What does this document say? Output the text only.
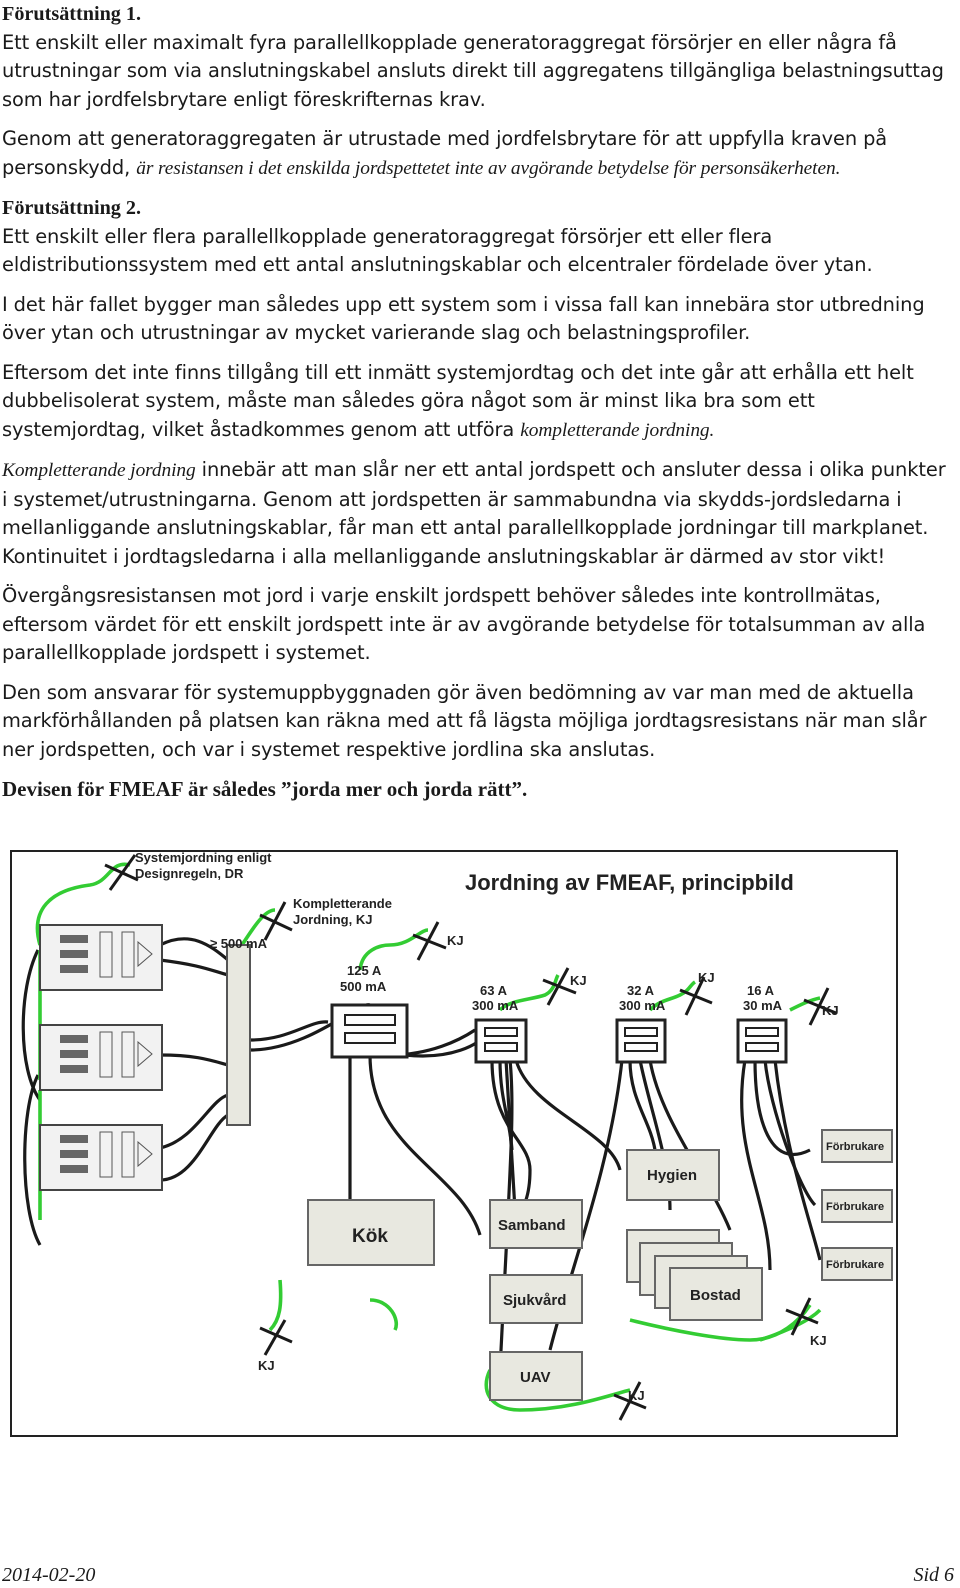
Förutsättning 1.

Ett enskilt eller maximalt fyra parallellkopplade generatoraggregat försörjer en eller några få utrustningar som via anslutningskabel ansluts direkt till aggregatens tillgängliga belastningsuttag som har jordfelsbrytare enligt föreskrifternas krav.

Genom att generatoraggregaten är utrustade med jordfelsbrytare för att uppfylla kraven på personskydd, är resistansen i det enskilda jordspettetet inte av avgörande betydelse för personsäkerheten.

Förutsättning 2.

Ett enskilt eller flera parallellkopplade generatoraggregat försörjer ett eller flera eldistributionssystem med ett antal anslutningskablar och elcentraler fördelade över ytan.

I det här fallet bygger man således upp ett system som i vissa fall kan innebära stor utbredning över ytan och utrustningar av mycket varierande slag och belastningsprofiler.

Eftersom det inte finns tillgång till ett inmätt systemjordtag och det inte går att erhålla ett helt dubbelisolerat system, måste man således göra något som är minst lika bra som ett systemjordtag, vilket åstadkommes genom att utföra kompletterande jordning.

Kompletterande jordning innebär att man slår ner ett antal jordspett och ansluter dessa i olika punkter i systemet/utrustningarna. Genom att jordspetten är sammabundna via skydds-jordsledarna i mellanliggande anslutningskablar, får man ett antal parallellkopplade jordningar till markplanet. Kontinuitet i jordtagsledarna i alla mellanliggande anslutningskablar är därmed av stor vikt!

Övergångsresistansen mot jord i varje enskilt jordspett behöver således inte kontrollmätas, eftersom värdet för ett enskilt jordspett inte är av avgörande betydelse för totalsumman av alla parallellkopplade jordspett i systemet.

Den som ansvarar för systemuppbyggnaden gör även bedömning av var man med de aktuella markförhållanden på platsen kan räkna med att få lägsta möjliga jordtagsresistans när man slår ner jordspetten, och var i systemet respektive jordlina ska anslutas.

Devisen för FMEAF är således ”jorda mer och jorda rätt”.

Jordning av FMEAF, principbild
Systemjordning enligt
Designregeln, DR
Kompletterande
Jordning, KJ
≥ 500 mA	KJ
KJ	KJ
KJ
KJ
KJ
KJ
125 A
500 mA	63 A
300 mA
32 A
300 mA
16 A
30 mA
Kök
Samband
Sjukvård
UAV
Hygien
Bostad
Förbrukare
Förbrukare
Förbrukare
2014-02-20	Sid 6
